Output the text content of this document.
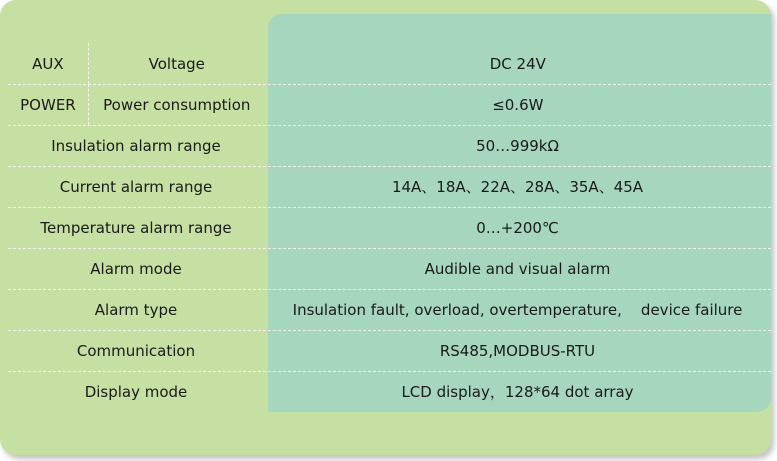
AUX	Voltage	DC 24V
POWER	Power consumption	≤0.6W
Insulation alarm range	50…999kΩ
Current alarm range	14A、18A、22A、28A、35A、45A
Temperature alarm range	0…+200℃
Alarm mode	Audible and visual alarm
Alarm type	Insulation fault, overload, overtemperature,    device failure
Communication	RS485,MODBUS-RTU
Display mode	LCD display，128*64 dot array
